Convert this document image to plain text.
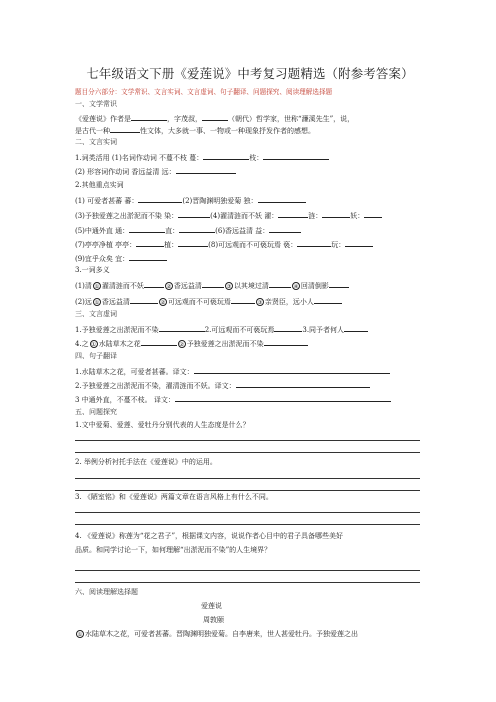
七年级语文下册《爱莲说》中考复习题精选（附参考答案）
题目分六部分：文学常识、文言实词、文言虚词、句子翻译、问题探究、阅读理解选择题
一、文学常识
《爱莲说》作者是	，字茂叔，	（朝代）哲学家，世称“濂溪先生”，说，
是古代一种	性文体，大多就一事、一物或一种现象抒发作者的感想。
二、文言实词
1.词类活用 (1)名词作动词 不蔓不枝 蔓：	枝：
(2) 形容词作动词 香远益清 远：
2.其他重点实词
(1) 可爱者甚蕃 蕃：	(2)晋陶渊明独爱菊 独：
(3)予独爱莲之出淤泥而不染 染：	(4)濯清涟而不妖 濯：	涟：	妖：
(5)中通外直 通：	直：	(6)香远益清 益：
(7)亭亭净植 亭亭：	植：	(8)可远观而不可亵玩焉 亵：	玩：
(9)宜乎众矣 宜：
3.一词多义
(1)清 ① 濯清涟而不妖	② 香远益清	③ 以其境过清	④ 回清倒影
(2)远 ① 香远益清	② 可远观而不可亵玩焉	③ 亲贤臣，远小人
三、文言虚词
1.予独爱莲之出淤泥而不染	2.可远观而不可亵玩焉	3.同予者何人
4.之 ① 水陆草木之花	② 予独爱莲之出淤泥而不染
四、句子翻译
1.水陆草木之花，可爱者甚蕃。译文：
2.予独爱莲之出淤泥而不染，濯清涟而不妖。译文：
3 中通外直，不蔓不枝。 译文：
五、问题探究
1.文中爱菊、爱莲、爱牡丹分别代表的人生态度是什么？
2. 举例分析衬托手法在《爱莲说》中的运用。
3. 《陋室铭》和《爱莲说》两篇文章在语言风格上有什么不同。
4. 《爱莲说》称莲为“花之君子”，根据课文内容，说说作者心目中的君子具备哪些美好
品质。和同学讨论一下，如何理解“出淤泥而不染”的人生境界？
六、阅读理解选择题
爱莲说
周敦颐
① 水陆草木之花，可爱者甚蕃。晋陶渊明独爱菊。自李唐来，世人甚爱牡丹。予独爱莲之出
